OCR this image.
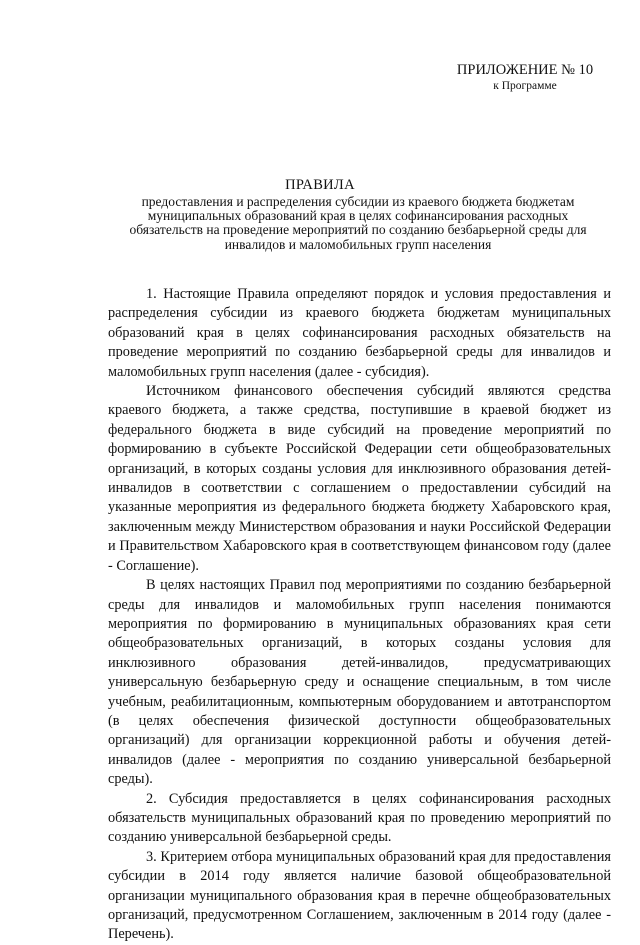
ПРИЛОЖЕНИЕ № 10
к Программе
ПРАВИЛА

предоставления и распределения субсидии из краевого бюджета бюджетам муниципальных образований края в целях софинансирования расходных обязательств на проведение мероприятий по созданию безбарьерной среды для инвалидов и маломобильных групп населения

1. Настоящие Правила определяют порядок и условия предоставления и распределения субсидии из краевого бюджета бюджетам муниципальных образований края в целях софинансирования расходных обязательств на проведение мероприятий по созданию безбарьерной среды для инвалидов и маломобильных групп населения (далее - субсидия).

Источником финансового обеспечения субсидий являются средства краевого бюджета, а также средства, поступившие в краевой бюджет из федерального бюджета в виде субсидий на проведение мероприятий по формированию в субъекте Российской Федерации сети общеобразовательных организаций, в которых созданы условия для инклюзивного образования детей-инвалидов в соответствии с соглашением о предоставлении субсидий на указанные мероприятия из федерального бюджета бюджету Хабаровского края, заключенным между Министерством образования и науки Российской Федерации и Правительством Хабаровского края в соответствующем финансовом году (далее - Соглашение).

В целях настоящих Правил под мероприятиями по созданию безбарьерной среды для инвалидов и маломобильных групп населения понимаются мероприятия по формированию в муниципальных образованиях края сети общеобразовательных организаций, в которых созданы условия для инклюзивного образования детей-инвалидов, предусматривающих универсальную безбарьерную среду и оснащение специальным, в том числе учебным, реабилитационным, компьютерным оборудованием и автотранспортом (в целях обеспечения физической доступности общеобразовательных организаций) для организации коррекционной работы и обучения детей-инвалидов (далее - мероприятия по созданию универсальной безбарьерной среды).

2. Субсидия предоставляется в целях софинансирования расходных обязательств муниципальных образований края по проведению мероприятий по созданию универсальной безбарьерной среды.

3. Критерием отбора муниципальных образований края для предоставления субсидии в 2014 году является наличие базовой общеобразовательной организации муниципального образования края в перечне общеобразовательных организаций, предусмотренном Соглашением, заключенным в 2014 году (далее - Перечень).
